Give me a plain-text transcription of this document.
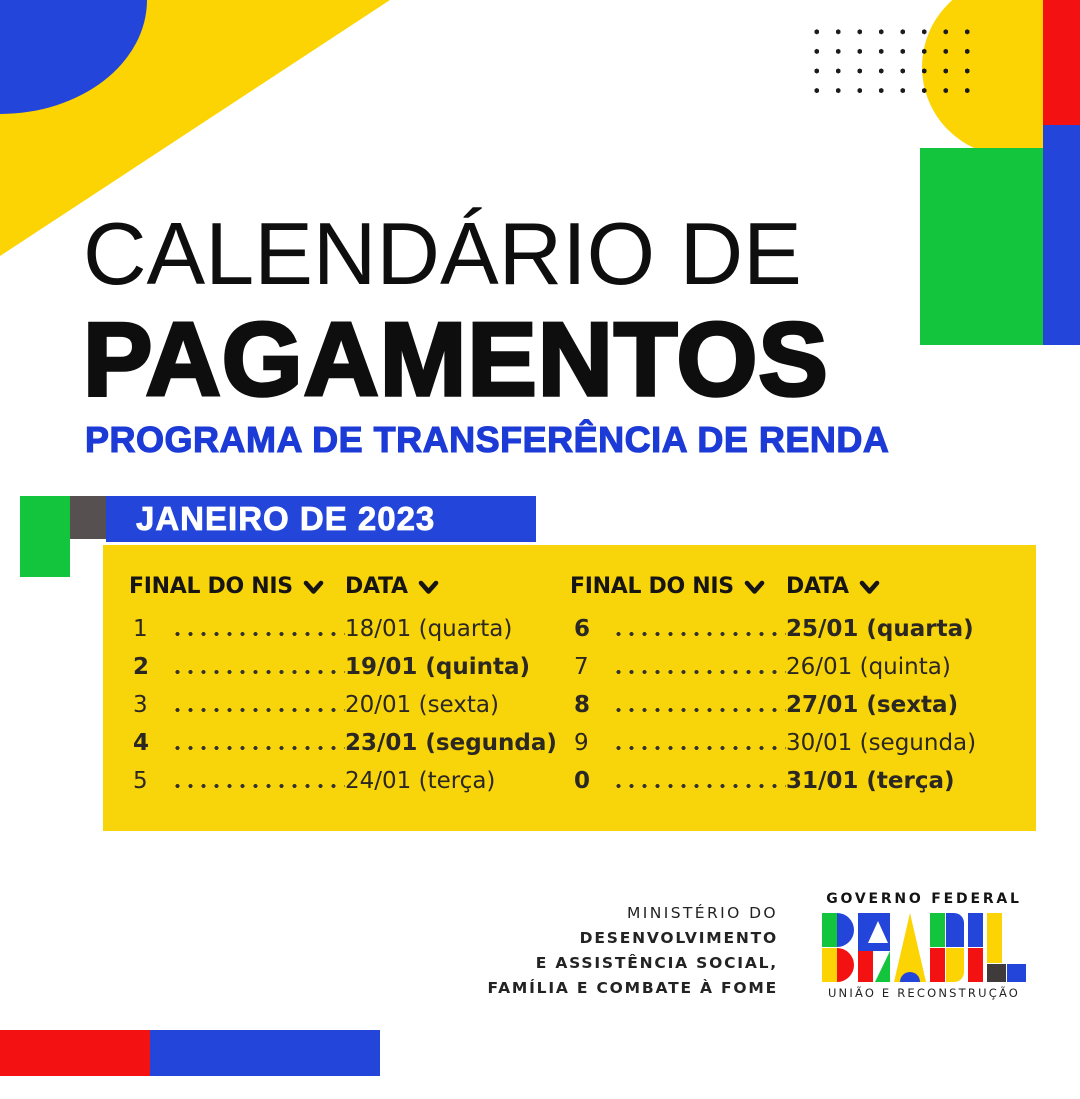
CALENDÁRIO DE
PAGAMENTOS
PROGRAMA DE TRANSFERÊNCIA DE RENDA
JANEIRO DE 2023
FINAL DO NIS DATA
1	18/01 (quarta)
2	19/01 (quinta)
3	20/01 (sexta)
4	23/01 (segunda)
5	24/01 (terça)
FINAL DO NIS DATA
6	25/01 (quarta)
7	26/01 (quinta)
8	27/01 (sexta)
9	30/01 (segunda)
0	31/01 (terça)
MINISTÉRIO DO
DESENVOLVIMENTO
E ASSISTÊNCIA SOCIAL,
FAMÍLIA E COMBATE À FOME
GOVERNO FEDERAL
UNIÃO E RECONSTRUÇÃO
